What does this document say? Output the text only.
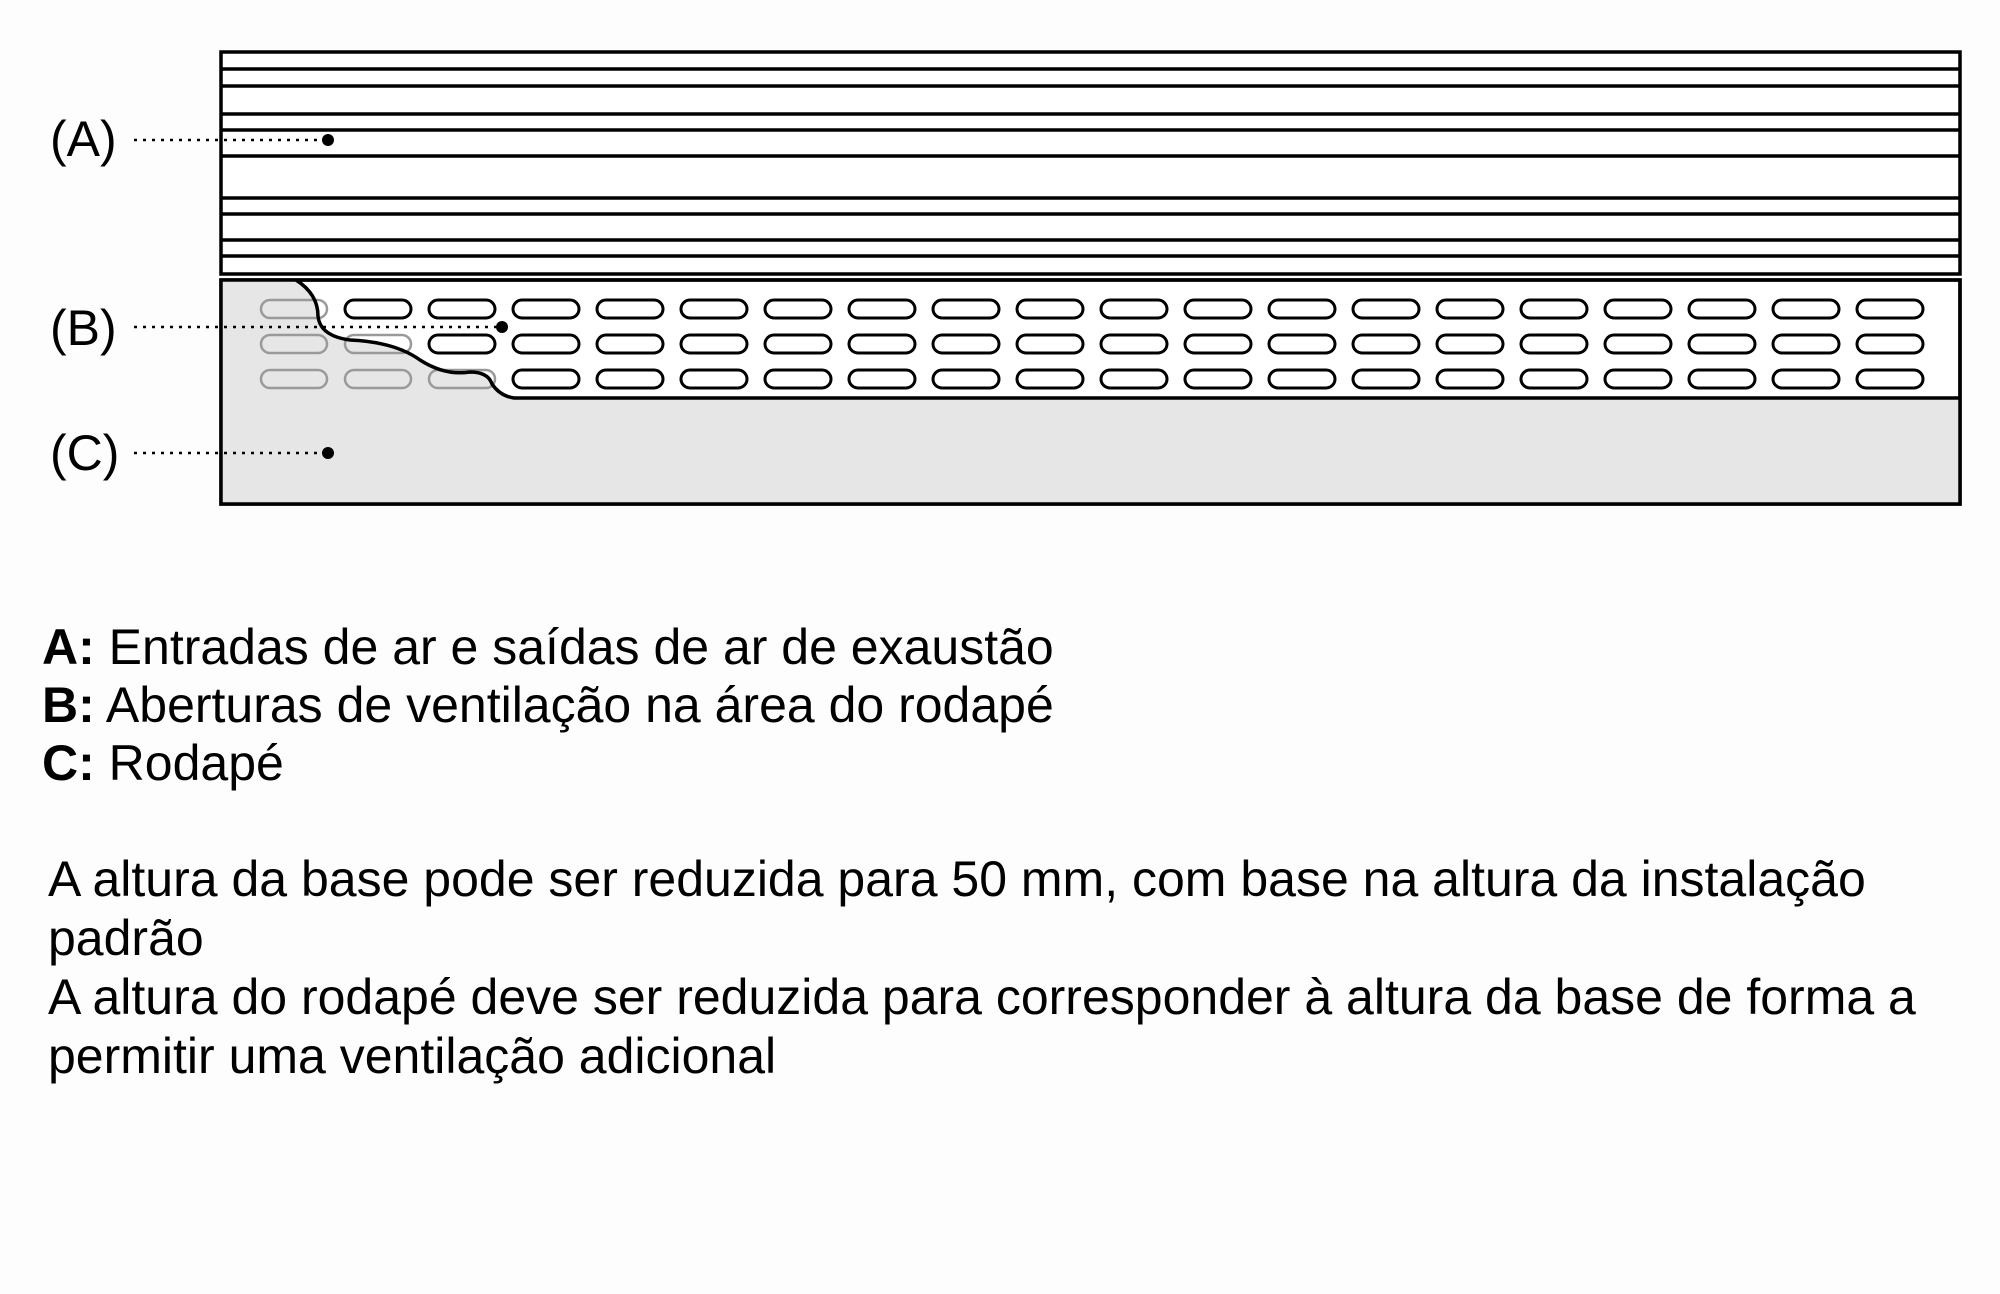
(A)
(B)
(C)
A: Entradas de ar e saídas de ar de exaustão
B: Aberturas de ventilação na área do rodapé
C: Rodapé

A altura da base pode ser reduzida para 50 mm, com base na altura da instalação padrão

A altura do rodapé deve ser reduzida para corresponder à altura da base de forma a permitir uma ventilação adicional
